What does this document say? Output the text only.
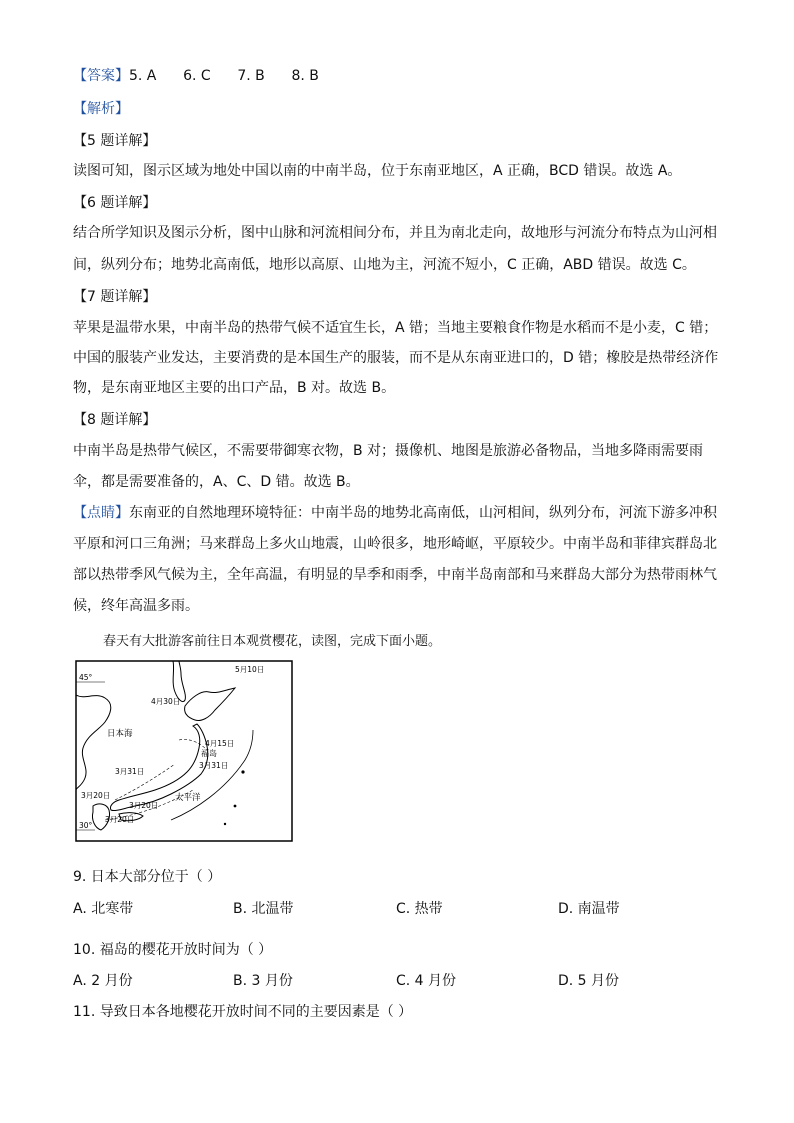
【答案】5. A      6. C      7. B      8. B
【解析】
【5 题详解】
读图可知，图示区域为地处中国以南的中南半岛，位于东南亚地区，A 正确，BCD 错误。故选 A。
【6 题详解】
结合所学知识及图示分析，图中山脉和河流相间分布，并且为南北走向，故地形与河流分布特点为山河相
间，纵列分布；地势北高南低，地形以高原、山地为主，河流不短小，C 正确，ABD 错误。故选 C。
【7 题详解】
苹果是温带水果，中南半岛的热带气候不适宜生长，A 错；当地主要粮食作物是水稻而不是小麦，C 错；
中国的服装产业发达，主要消费的是本国生产的服装，而不是从东南亚进口的，D 错；橡胶是热带经济作
物，是东南亚地区主要的出口产品，B 对。故选 B。
【8 题详解】
中南半岛是热带气候区，不需要带御寒衣物，B 对；摄像机、地图是旅游必备物品，当地多降雨需要雨
伞，都是需要准备的，A、C、D 错。故选 B。
【点睛】东南亚的自然地理环境特征：中南半岛的地势北高南低，山河相间，纵列分布，河流下游多冲积
平原和河口三角洲；马来群岛上多火山地震，山岭很多，地形崎岖，平原较少。中南半岛和菲律宾群岛北
部以热带季风气候为主，全年高温，有明显的旱季和雨季，中南半岛南部和马来群岛大部分为热带雨林气
候，终年高温多雨。
春天有大批游客前往日本观赏樱花，读图，完成下面小题。
45°
30°
5月10日
4月30日
日本海
4月15日
福岛
3月31日
3月31日
3月20日	太平洋
3月20日
3月20日
9. 日本大部分位于（ ）
A. 北寒带	B. 北温带	C. 热带	D. 南温带
10. 福岛的樱花开放时间为（ ）
A. 2 月份	B. 3 月份	C. 4 月份	D. 5 月份
11. 导致日本各地樱花开放时间不同的主要因素是（ ）
